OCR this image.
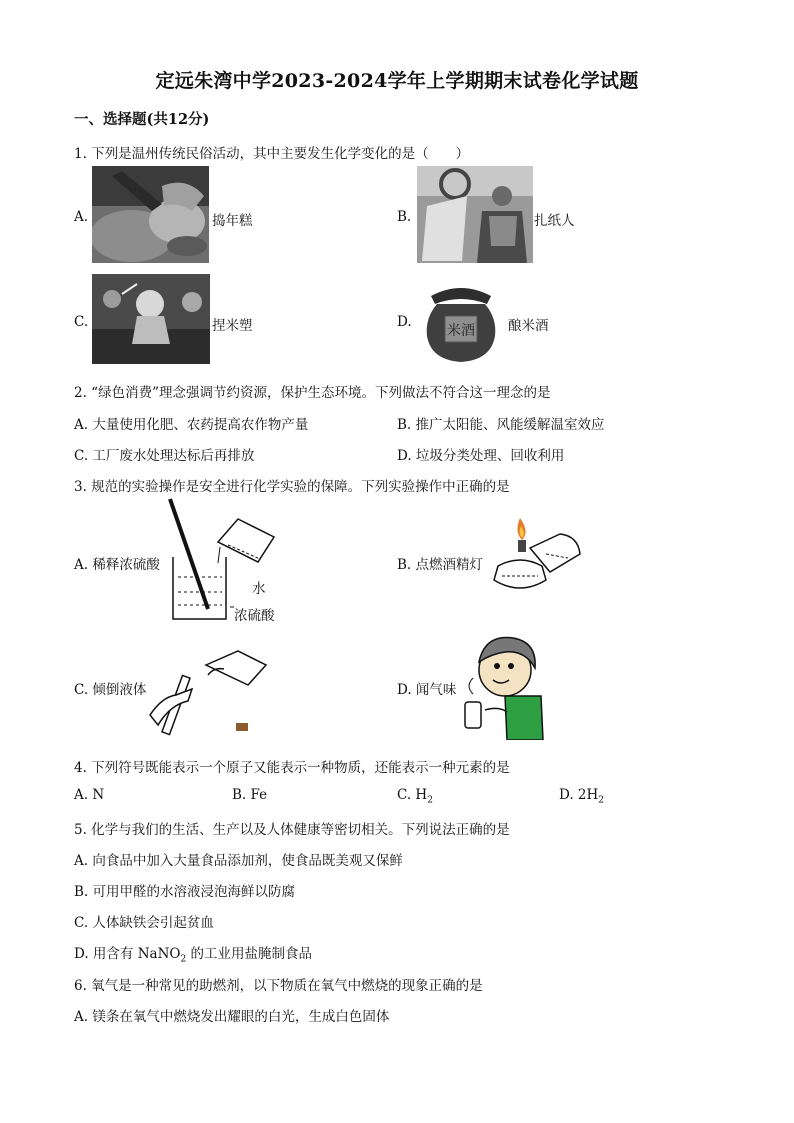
定远朱湾中学2023-2024学年上学期期末试卷化学试题
一、选择题(共12分)
1. 下列是温州传统民俗活动，其中主要发生化学变化的是（　　）
A.	捣年糕	B.	扎纸人
C.	捏米塑	D.
米酒 酿米酒
2. “绿色消费”理念强调节约资源，保护生态环境。下列做法不符合这一理念的是
A. 大量使用化肥、农药提高农作物产量	B. 推广太阳能、风能缓解温室效应
C. 工厂废水处理达标后再排放	D. 垃圾分类处理、回收利用
3. 规范的实验操作是安全进行化学实验的保障。下列实验操作中正确的是
A. 稀释浓硫酸
水
浓硫酸
B. 点燃酒精灯
C. 倾倒液体	D. 闻气味
4. 下列符号既能表示一个原子又能表示一种物质，还能表示一种元素的是
A. N	B. Fe	C. $H_2$	D. $2H_2$
5. 化学与我们的生活、生产以及人体健康等密切相关。下列说法正确的是
A. 向食品中加入大量食品添加剂，使食品既美观又保鲜
B. 可用甲醛的水溶液浸泡海鲜以防腐
C. 人体缺铁会引起贫血
D. 用含有 NaNO$_2$ 的工业用盐腌制食品
6. 氧气是一种常见的助燃剂，以下物质在氧气中燃烧的现象正确的是
A. 镁条在氧气中燃烧发出耀眼的白光，生成白色固体
